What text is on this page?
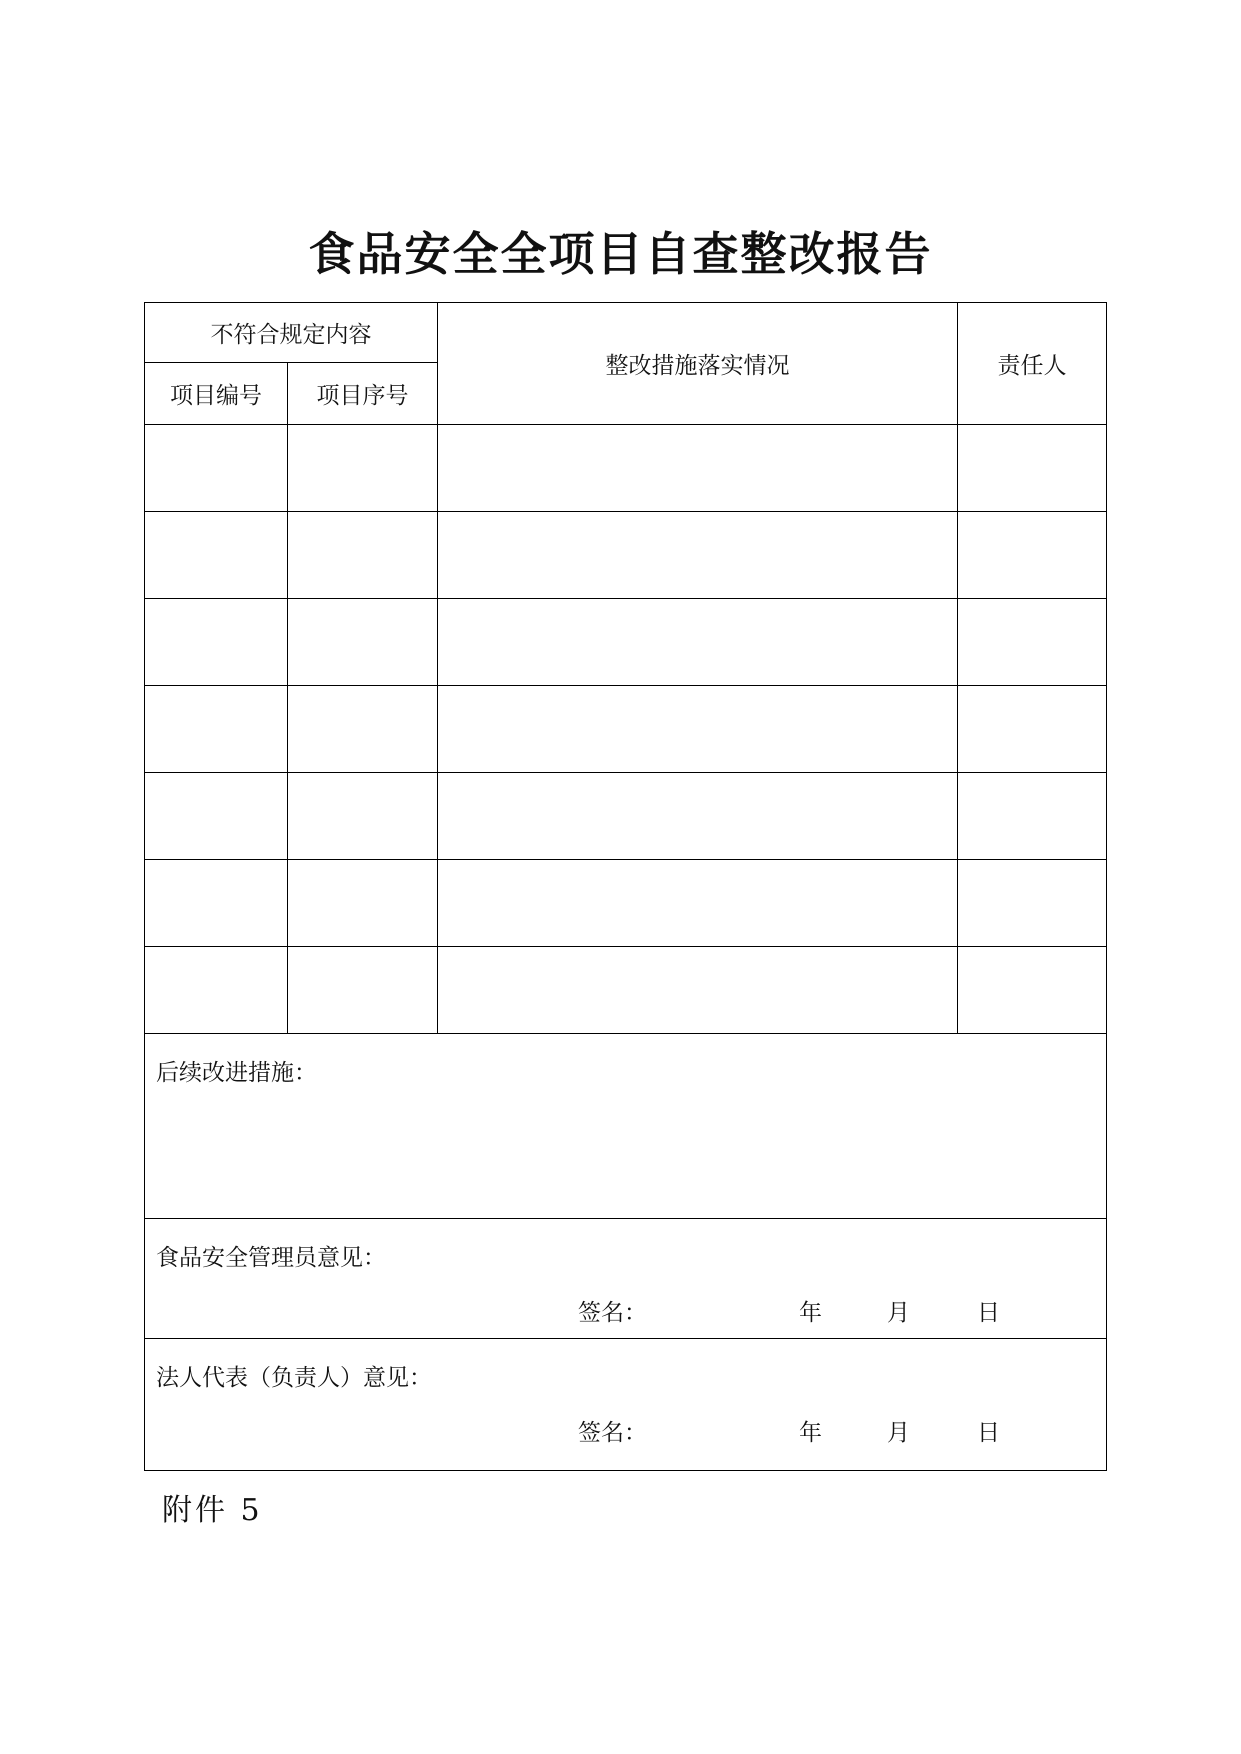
食品安全全项目自查整改报告
不符合规定内容		整改措施落实情况	责任人
项目编号	项目序号		

后续改进措施：			

食品安全管理员意见：
签名： 年 月 日			

法人代表（负责人）意见：
签名： 年 月 日			
附件 5
